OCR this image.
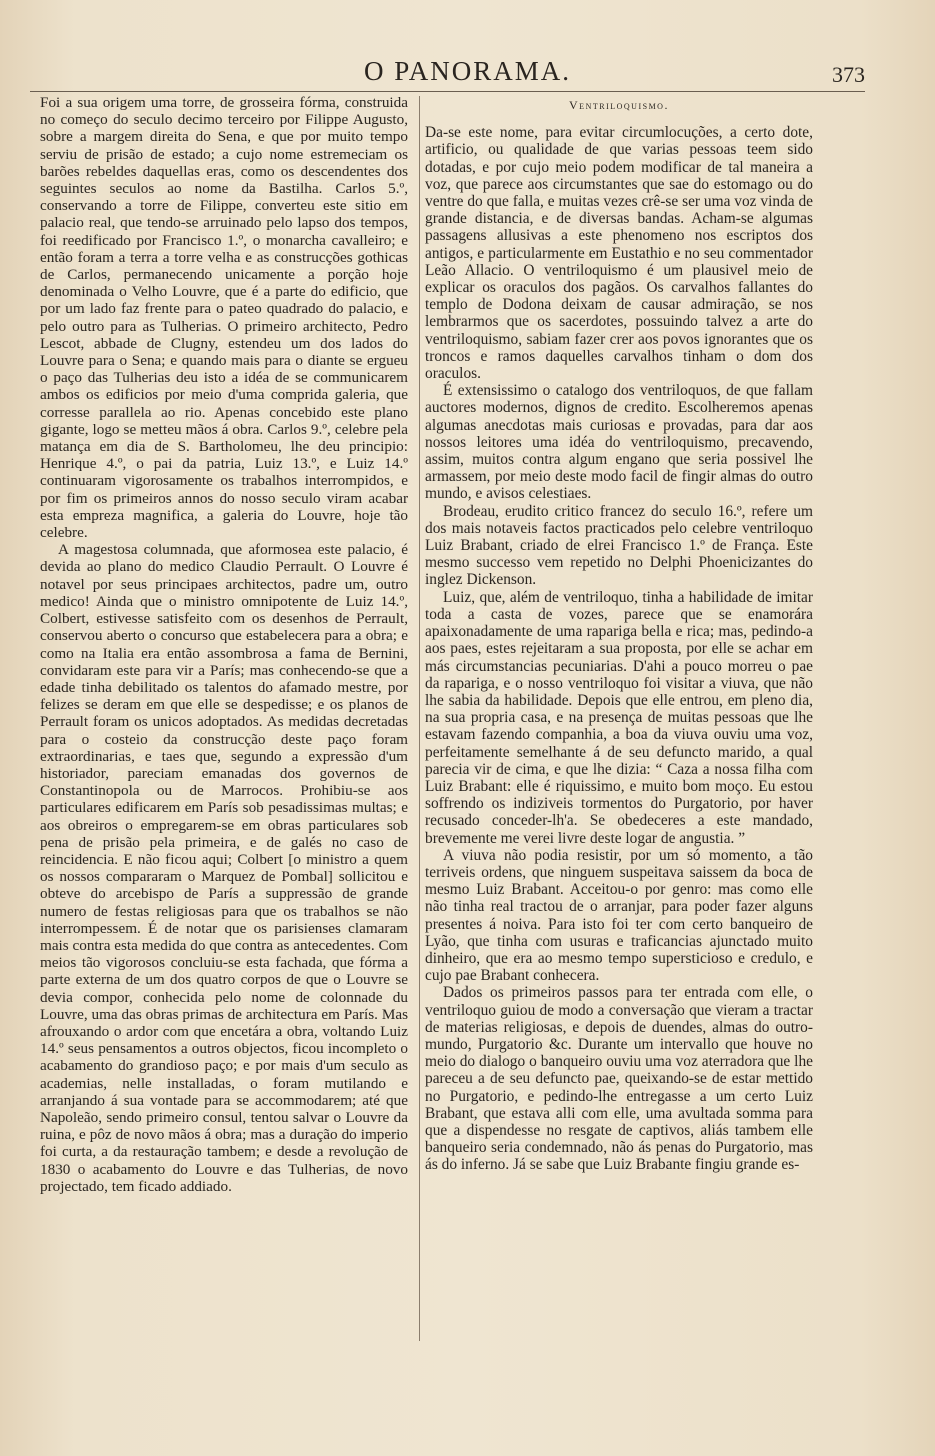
O PANORAMA.	373

Foi a sua origem uma torre, de grosseira fórma, construida no começo do seculo decimo terceiro por Filippe Augusto, sobre a margem direita do Sena, e que por muito tempo serviu de prisão de estado; a cujo nome estremeciam os barões rebeldes daquellas eras, como os descendentes dos seguintes seculos ao nome da Bastilha. Carlos 5.º, conservando a torre de Filippe, converteu este sitio em palacio real, que tendo-se arruinado pelo lapso dos tempos, foi reedificado por Francisco 1.º, o monarcha cavalleiro; e então foram a terra a torre velha e as construcções gothicas de Carlos, permanecendo unicamente a porção hoje denominada o Velho Louvre, que é a parte do edificio, que por um lado faz frente para o pateo quadrado do palacio, e pelo outro para as Tulherias. O primeiro architecto, Pedro Lescot, abbade de Clugny, estendeu um dos lados do Louvre para o Sena; e quando mais para o diante se ergueu o paço das Tulherias deu isto a idéa de se communicarem ambos os edificios por meio d'uma comprida galeria, que corresse parallela ao rio. Apenas concebido este plano gigante, logo se metteu mãos á obra. Carlos 9.º, celebre pela matança em dia de S. Bartholomeu, lhe deu principio: Henrique 4.º, o pai da patria, Luiz 13.º, e Luiz 14.º continuaram vigorosamente os trabalhos interrompidos, e por fim os primeiros annos do nosso seculo viram acabar esta empreza magnifica, a galeria do Louvre, hoje tão celebre.

A magestosa columnada, que aformosea este palacio, é devida ao plano do medico Claudio Perrault. O Louvre é notavel por seus principaes architectos, padre um, outro medico! Ainda que o ministro omnipotente de Luiz 14.º, Colbert, estivesse satisfeito com os desenhos de Perrault, conservou aberto o concurso que estabelecera para a obra; e como na Italia era então assombrosa a fama de Bernini, convidaram este para vir a París; mas conhecendo-se que a edade tinha debilitado os talentos do afamado mestre, por felizes se deram em que elle se despedisse; e os planos de Perrault foram os unicos adoptados. As medidas decretadas para o costeio da construcção deste paço foram extraordinarias, e taes que, segundo a expressão d'um historiador, pareciam emanadas dos governos de Constantinopola ou de Marrocos. Prohibiu-se aos particulares edificarem em París sob pesadissimas multas; e aos obreiros o empregarem-se em obras particulares sob pena de prisão pela primeira, e de galés no caso de reincidencia. E não ficou aqui; Colbert [o ministro a quem os nossos compararam o Marquez de Pombal] sollicitou e obteve do arcebispo de París a suppressão de grande numero de festas religiosas para que os trabalhos se não interrompessem. É de notar que os parisienses clamaram mais contra esta medida do que contra as antecedentes. Com meios tão vigorosos concluiu-se esta fachada, que fórma a parte externa de um dos quatro corpos de que o Louvre se devia compor, conhecida pelo nome de colonnade du Louvre, uma das obras primas de architectura em París. Mas afrouxando o ardor com que encetára a obra, voltando Luiz 14.º seus pensamentos a outros objectos, ficou incompleto o acabamento do grandioso paço; e por mais d'um seculo as academias, nelle installadas, o foram mutilando e arranjando á sua vontade para se accommodarem; até que Napoleão, sendo primeiro consul, tentou salvar o Louvre da ruina, e pôz de novo mãos á obra; mas a duração do imperio foi curta, a da restauração tambem; e desde a revolução de 1830 o acabamento do Louvre e das Tulherias, de novo projectado, tem ficado addiado.

Ventriloquismo.

Da-se este nome, para evitar circumlocuções, a certo dote, artificio, ou qualidade de que varias pessoas teem sido dotadas, e por cujo meio podem modificar de tal maneira a voz, que parece aos circumstantes que sae do estomago ou do ventre do que falla, e muitas vezes crê-se ser uma voz vinda de grande distancia, e de diversas bandas. Acham-se algumas passagens allusivas a este phenomeno nos escriptos dos antigos, e particularmente em Eustathio e no seu commentador Leão Allacio. O ventriloquismo é um plausivel meio de explicar os oraculos dos pagãos. Os carvalhos fallantes do templo de Dodona deixam de causar admiração, se nos lembrarmos que os sacerdotes, possuindo talvez a arte do ventriloquismo, sabiam fazer crer aos povos ignorantes que os troncos e ramos daquelles carvalhos tinham o dom dos oraculos.

É extensissimo o catalogo dos ventriloquos, de que fallam auctores modernos, dignos de credito. Escolheremos apenas algumas anecdotas mais curiosas e provadas, para dar aos nossos leitores uma idéa do ventriloquismo, precavendo, assim, muitos contra algum engano que seria possivel lhe armassem, por meio deste modo facil de fingir almas do outro mundo, e avisos celestiaes.

Brodeau, erudito critico francez do seculo 16.º, refere um dos mais notaveis factos practicados pelo celebre ventriloquo Luiz Brabant, criado de elrei Francisco 1.º de França. Este mesmo successo vem repetido no Delphi Phoenicizantes do inglez Dickenson.

Luiz, que, além de ventriloquo, tinha a habilidade de imitar toda a casta de vozes, parece que se enamorára apaixonadamente de uma rapariga bella e rica; mas, pedindo-a aos paes, estes rejeitaram a sua proposta, por elle se achar em más circumstancias pecuniarias. D'ahi a pouco morreu o pae da rapariga, e o nosso ventriloquo foi visitar a viuva, que não lhe sabia da habilidade. Depois que elle entrou, em pleno dia, na sua propria casa, e na presença de muitas pessoas que lhe estavam fazendo companhia, a boa da viuva ouviu uma voz, perfeitamente semelhante á de seu defuncto marido, a qual parecia vir de cima, e que lhe dizia: “ Caza a nossa filha com Luiz Brabant: elle é riquissimo, e muito bom moço. Eu estou soffrendo os indiziveis tormentos do Purgatorio, por haver recusado conceder-lh'a. Se obedeceres a este mandado, brevemente me verei livre deste logar de angustia. ”

A viuva não podia resistir, por um só momento, a tão terriveis ordens, que ninguem suspeitava saissem da boca de mesmo Luiz Brabant. Acceitou-o por genro: mas como elle não tinha real tractou de o arranjar, para poder fazer alguns presentes á noiva. Para isto foi ter com certo banqueiro de Lyão, que tinha com usuras e traficancias ajunctado muito dinheiro, que era ao mesmo tempo supersticioso e credulo, e cujo pae Brabant conhecera.

Dados os primeiros passos para ter entrada com elle, o ventriloquo guiou de modo a conversação que vieram a tractar de materias religiosas, e depois de duendes, almas do outro-mundo, Purgatorio &c. Durante um intervallo que houve no meio do dialogo o banqueiro ouviu uma voz aterradora que lhe pareceu a de seu defuncto pae, queixando-se de estar mettido no Purgatorio, e pedindo-lhe entregasse a um certo Luiz Brabant, que estava alli com elle, uma avultada somma para que a dispendesse no resgate de captivos, aliás tambem elle banqueiro seria condemnado, não ás penas do Purgatorio, mas ás do inferno. Já se sabe que Luiz Brabante fingiu grande es-
